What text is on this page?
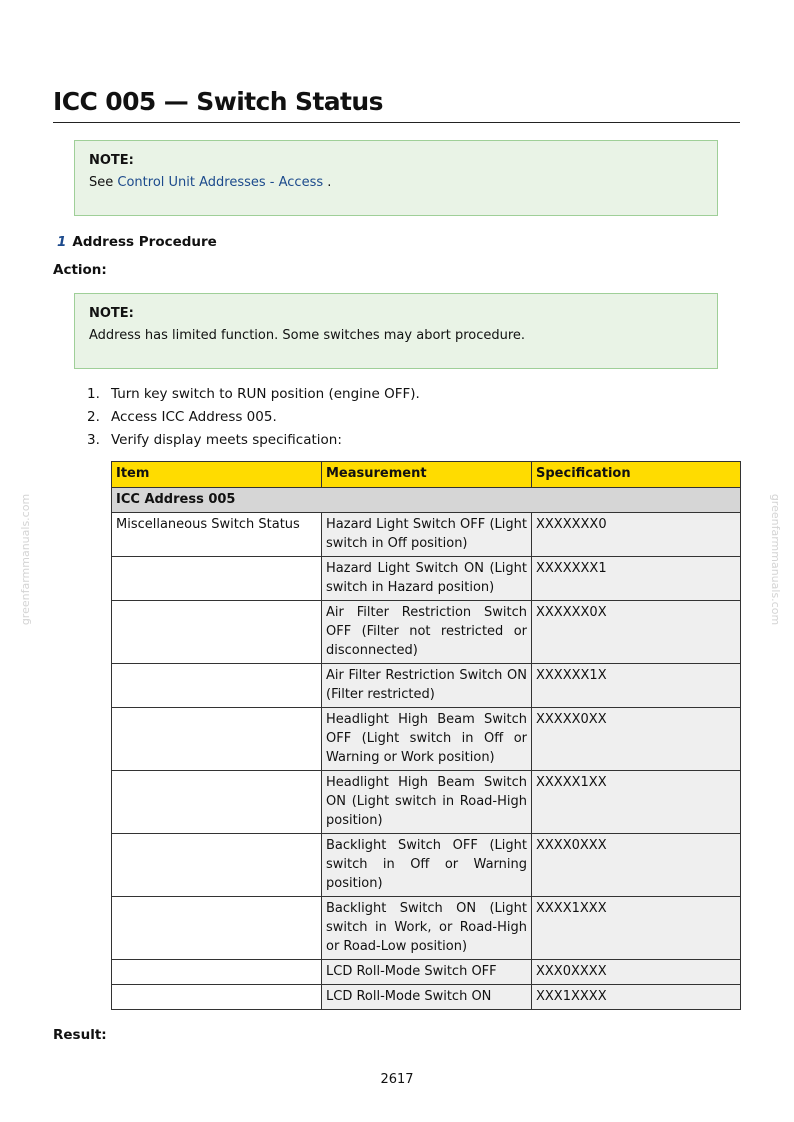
ICC 005 — Switch Status
NOTE:
See Control Unit Addresses - Access .
1 Address Procedure
Action:
NOTE:
Address has limited function. Some switches may abort procedure.
1. Turn key switch to RUN position (engine OFF).
2. Access ICC Address 005.
3. Verify display meets specification:
Item	Measurement	Specification
ICC Address 005		
Miscellaneous Switch Status	Hazard Light Switch OFF (Light switch in Off position)	XXXXXXX0
	Hazard Light Switch ON (Light switch in Hazard position)	XXXXXXX1
	Air Filter Restriction Switch OFF (Filter not restricted or disconnected)	XXXXXX0X
	Air Filter Restriction Switch ON (Filter restricted)	XXXXXX1X
	Headlight High Beam Switch OFF (Light switch in Off or Warning or Work position)	XXXXX0XX
	Headlight High Beam Switch ON (Light switch in Road-High position)	XXXXX1XX
	Backlight Switch OFF (Light switch in Off or Warning position)	XXXX0XXX
	Backlight Switch ON (Light switch in Work, or Road-High or Road-Low position)	XXXX1XXX
	LCD Roll-Mode Switch OFF	XXX0XXXX
	LCD Roll-Mode Switch ON	XXX1XXXX
Result:
2617
greenfarmmanuals.com	greenfarmmanuals.com
